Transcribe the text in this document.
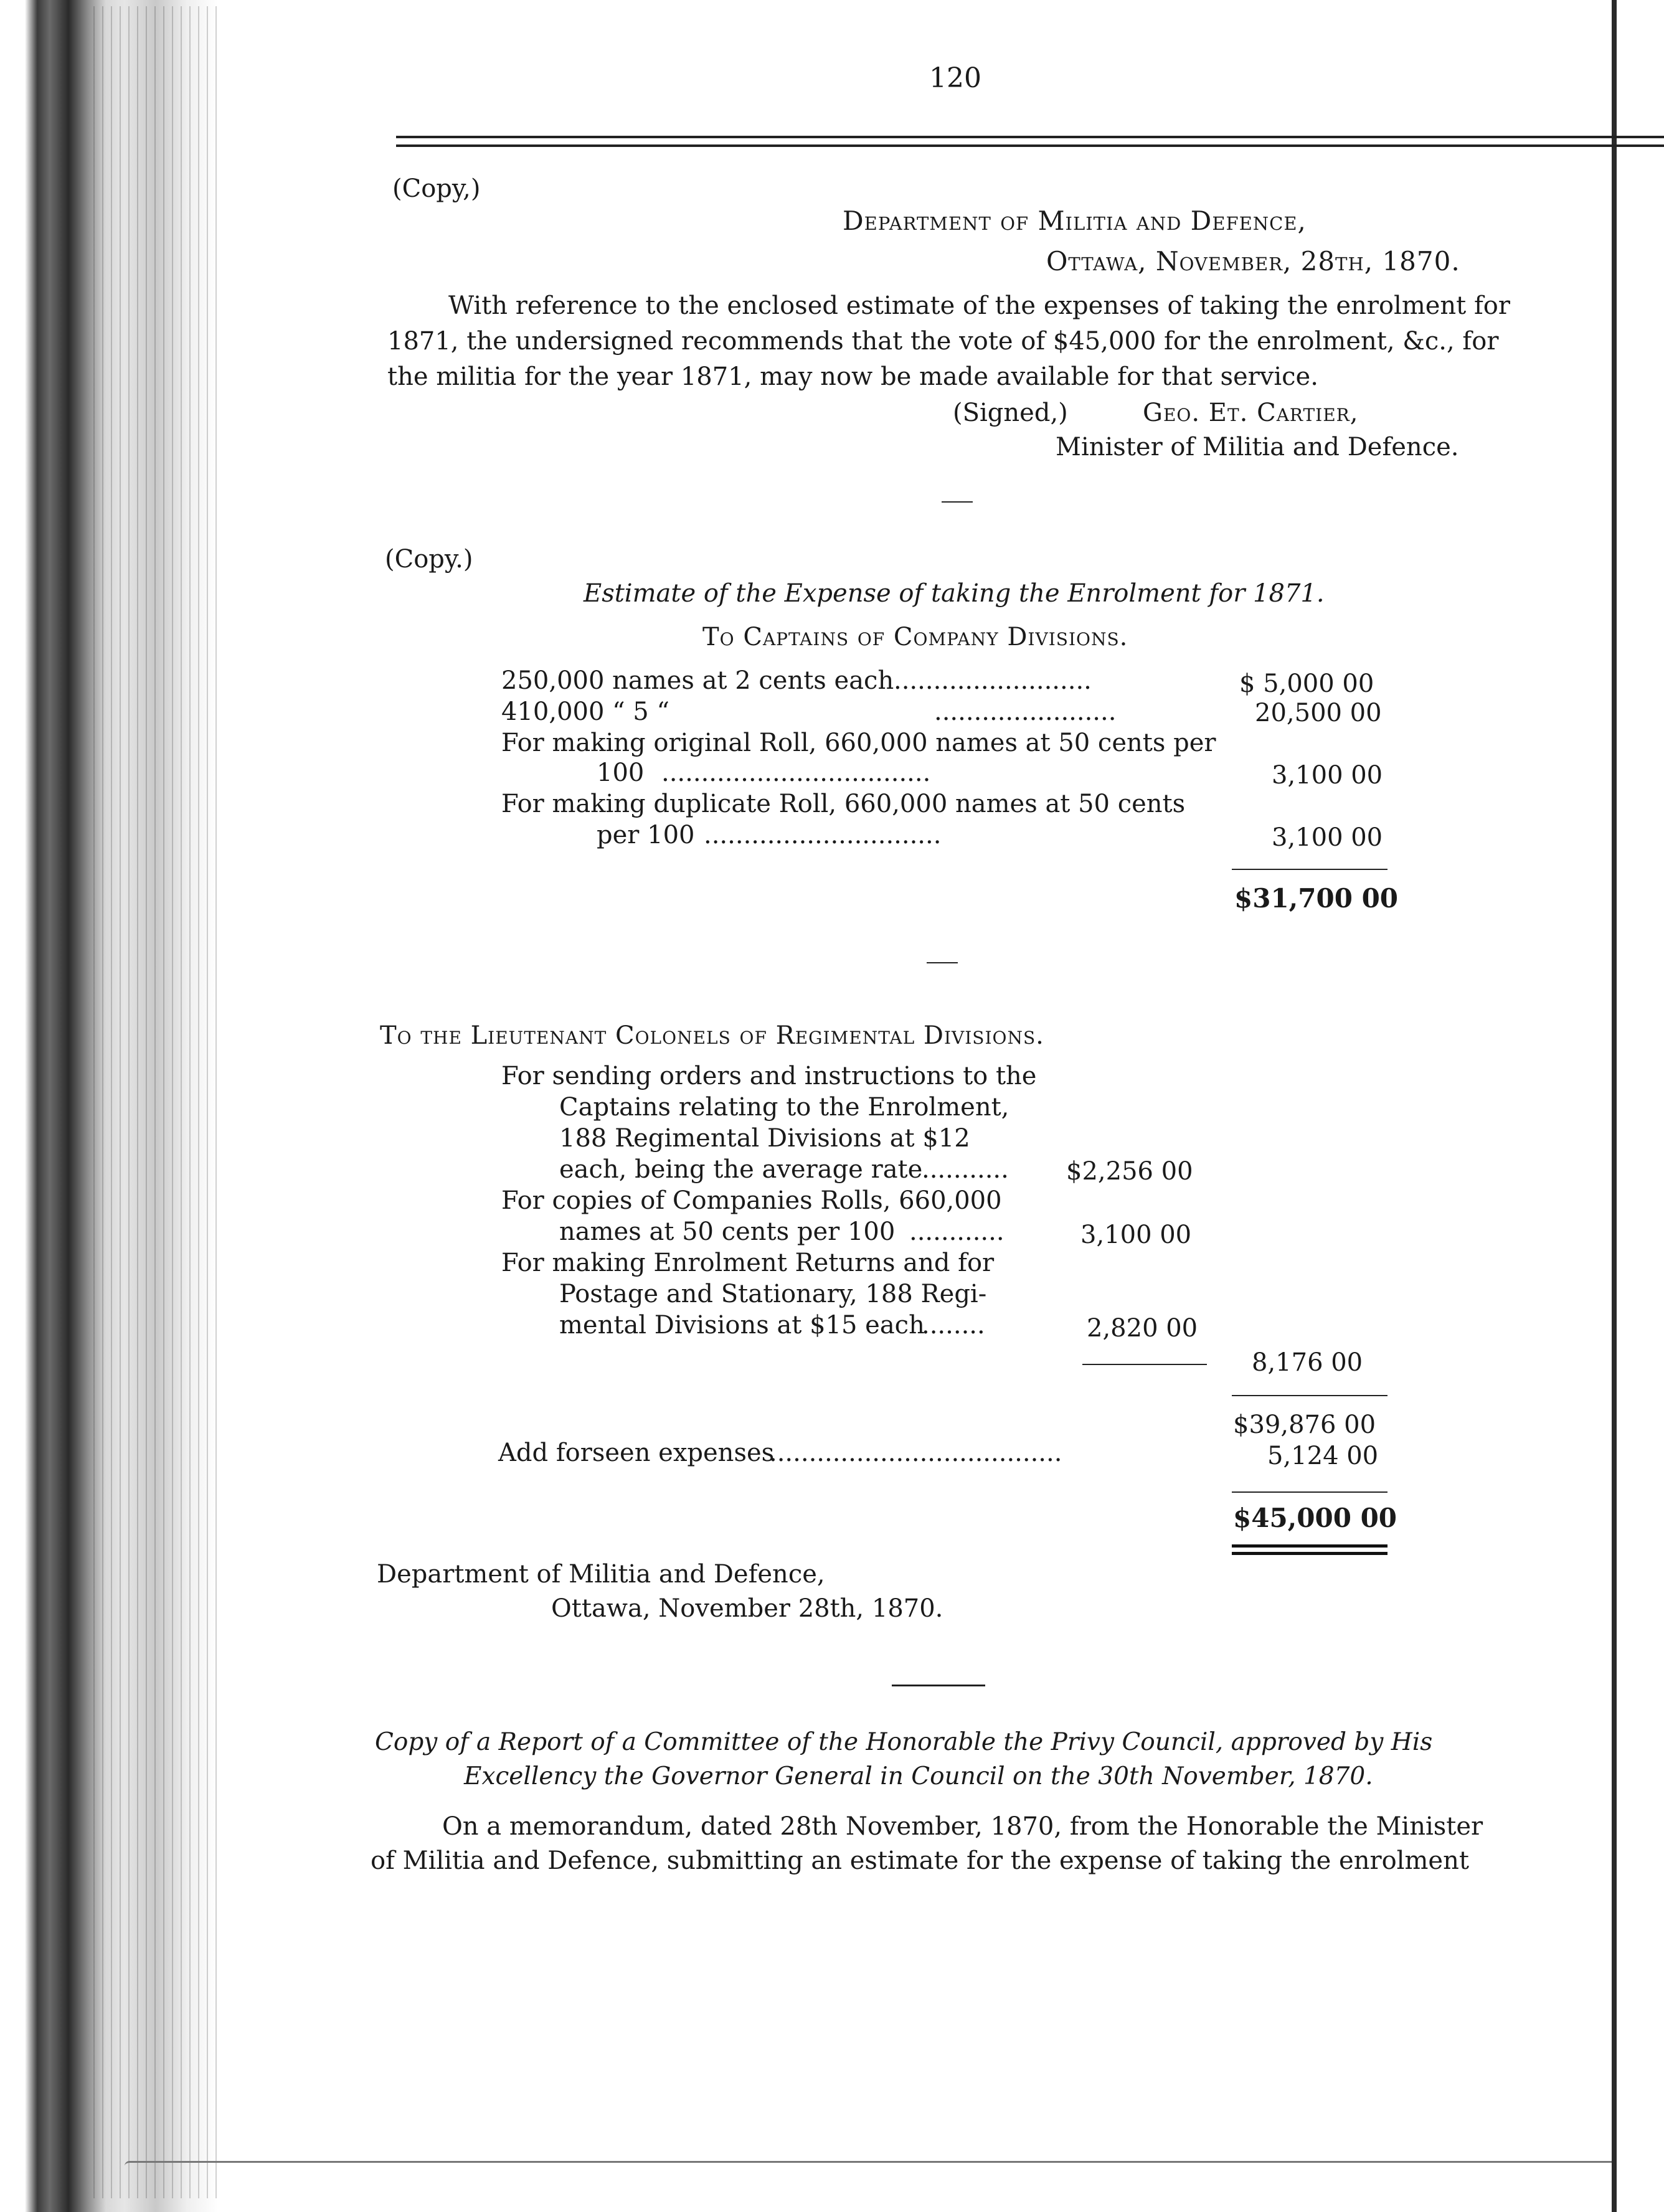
120
(Copy,)
Department of Militia and Defence,
Ottawa, November, 28th, 1870.
With reference to the enclosed estimate of the expenses of taking the enrolment for
1871, the undersigned recommends that the vote of $45,000 for the enrolment, &c., for
the militia for the year 1871, may now be made available for that service.
(Signed,)	Geo. Et. Cartier,
Minister of Militia and Defence.
(Copy.)
Estimate of the Expense of taking the Enrolment for 1871.
To Captains of Company Divisions.
250,000 names at 2 cents each .........................	$ 5,000 00
410,000 “ 5 “	.......................	20,500 00
For making original Roll, 660,000 names at 50 cents per
100 ..................................	3,100 00
For making duplicate Roll, 660,000 names at 50 cents
per 100 ..............................	3,100 00
$31,700 00
To the Lieutenant Colonels of Regimental Divisions.
For sending orders and instructions to the
Captains relating to the Enrolment,
188 Regimental Divisions at $12
each, being the average rate
........... $2,256 00
For copies of Companies Rolls, 660,000
names at 50 cents per 100 ............	3,100 00
For making Enrolment Returns and for
Postage and Stationary, 188 Regi-
mental Divisions at $15 each
........	2,820 00
8,176 00
$39,876 00
Add forseen expenses
.....................................	5,124 00
$45,000 00
Department of Militia and Defence,
Ottawa, November 28th, 1870.
Copy of a Report of a Committee of the Honorable the Privy Council, approved by His
Excellency the Governor General in Council on the 30th November, 1870.
On a memorandum, dated 28th November, 1870, from the Honorable the Minister
of Militia and Defence, submitting an estimate for the expense of taking the enrolment
